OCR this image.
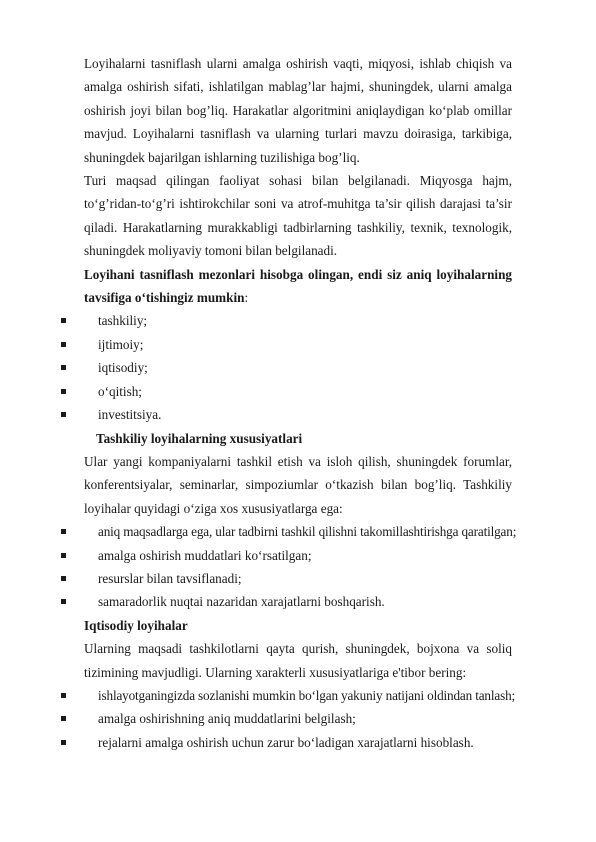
Loyihalarni tasniflash ularni amalga oshirish vaqti, miqyosi, ishlab chiqish va amalga oshirish sifati, ishlatilgan mablag’lar hajmi, shuningdek, ularni amalga oshirish joyi bilan bog’liq. Harakatlar algoritmini aniqlaydigan ko‘plab omillar mavjud. Loyihalarni tasniflash va ularning turlari mavzu doirasiga, tarkibiga, shuningdek bajarilgan ishlarning tuzilishiga bog’liq.

Turi maqsad qilingan faoliyat sohasi bilan belgilanadi. Miqyosga hajm, to‘g’ridan-to‘g’ri ishtirokchilar soni va atrof-muhitga ta’sir qilish darajasi ta’sir qiladi. Harakatlarning murakkabligi tadbirlarning tashkiliy, texnik, texnologik, shuningdek moliyaviy tomoni bilan belgilanadi.

Loyihani tasniflash mezonlari hisobga olingan, endi siz aniq loyihalarning tavsifiga o‘tishingiz mumkin:

tashkiliy;
ijtimoiy;
iqtisodiy;
o‘qitish;
investitsiya.

Tashkiliy loyihalarning xususiyatlari

Ular yangi kompaniyalarni tashkil etish va isloh qilish, shuningdek forumlar, konferentsiyalar, seminarlar, simpoziumlar o‘tkazish bilan bog’liq. Tashkiliy loyihalar quyidagi o‘ziga xos xususiyatlarga ega:

aniq maqsadlarga ega, ular tadbirni tashkil qilishni takomillashtirishga qaratilgan;
amalga oshirish muddatlari ko‘rsatilgan;
resurslar bilan tavsiflanadi;
samaradorlik nuqtai nazaridan xarajatlarni boshqarish.

Iqtisodiy loyihalar

Ularning maqsadi tashkilotlarni qayta qurish, shuningdek, bojxona va soliq tizimining mavjudligi. Ularning xarakterli xususiyatlariga e'tibor bering:

ishlayotganingizda sozlanishi mumkin bo‘lgan yakuniy natijani oldindan tanlash;
amalga oshirishning aniq muddatlarini belgilash;
rejalarni amalga oshirish uchun zarur bo‘ladigan xarajatlarni hisoblash.
